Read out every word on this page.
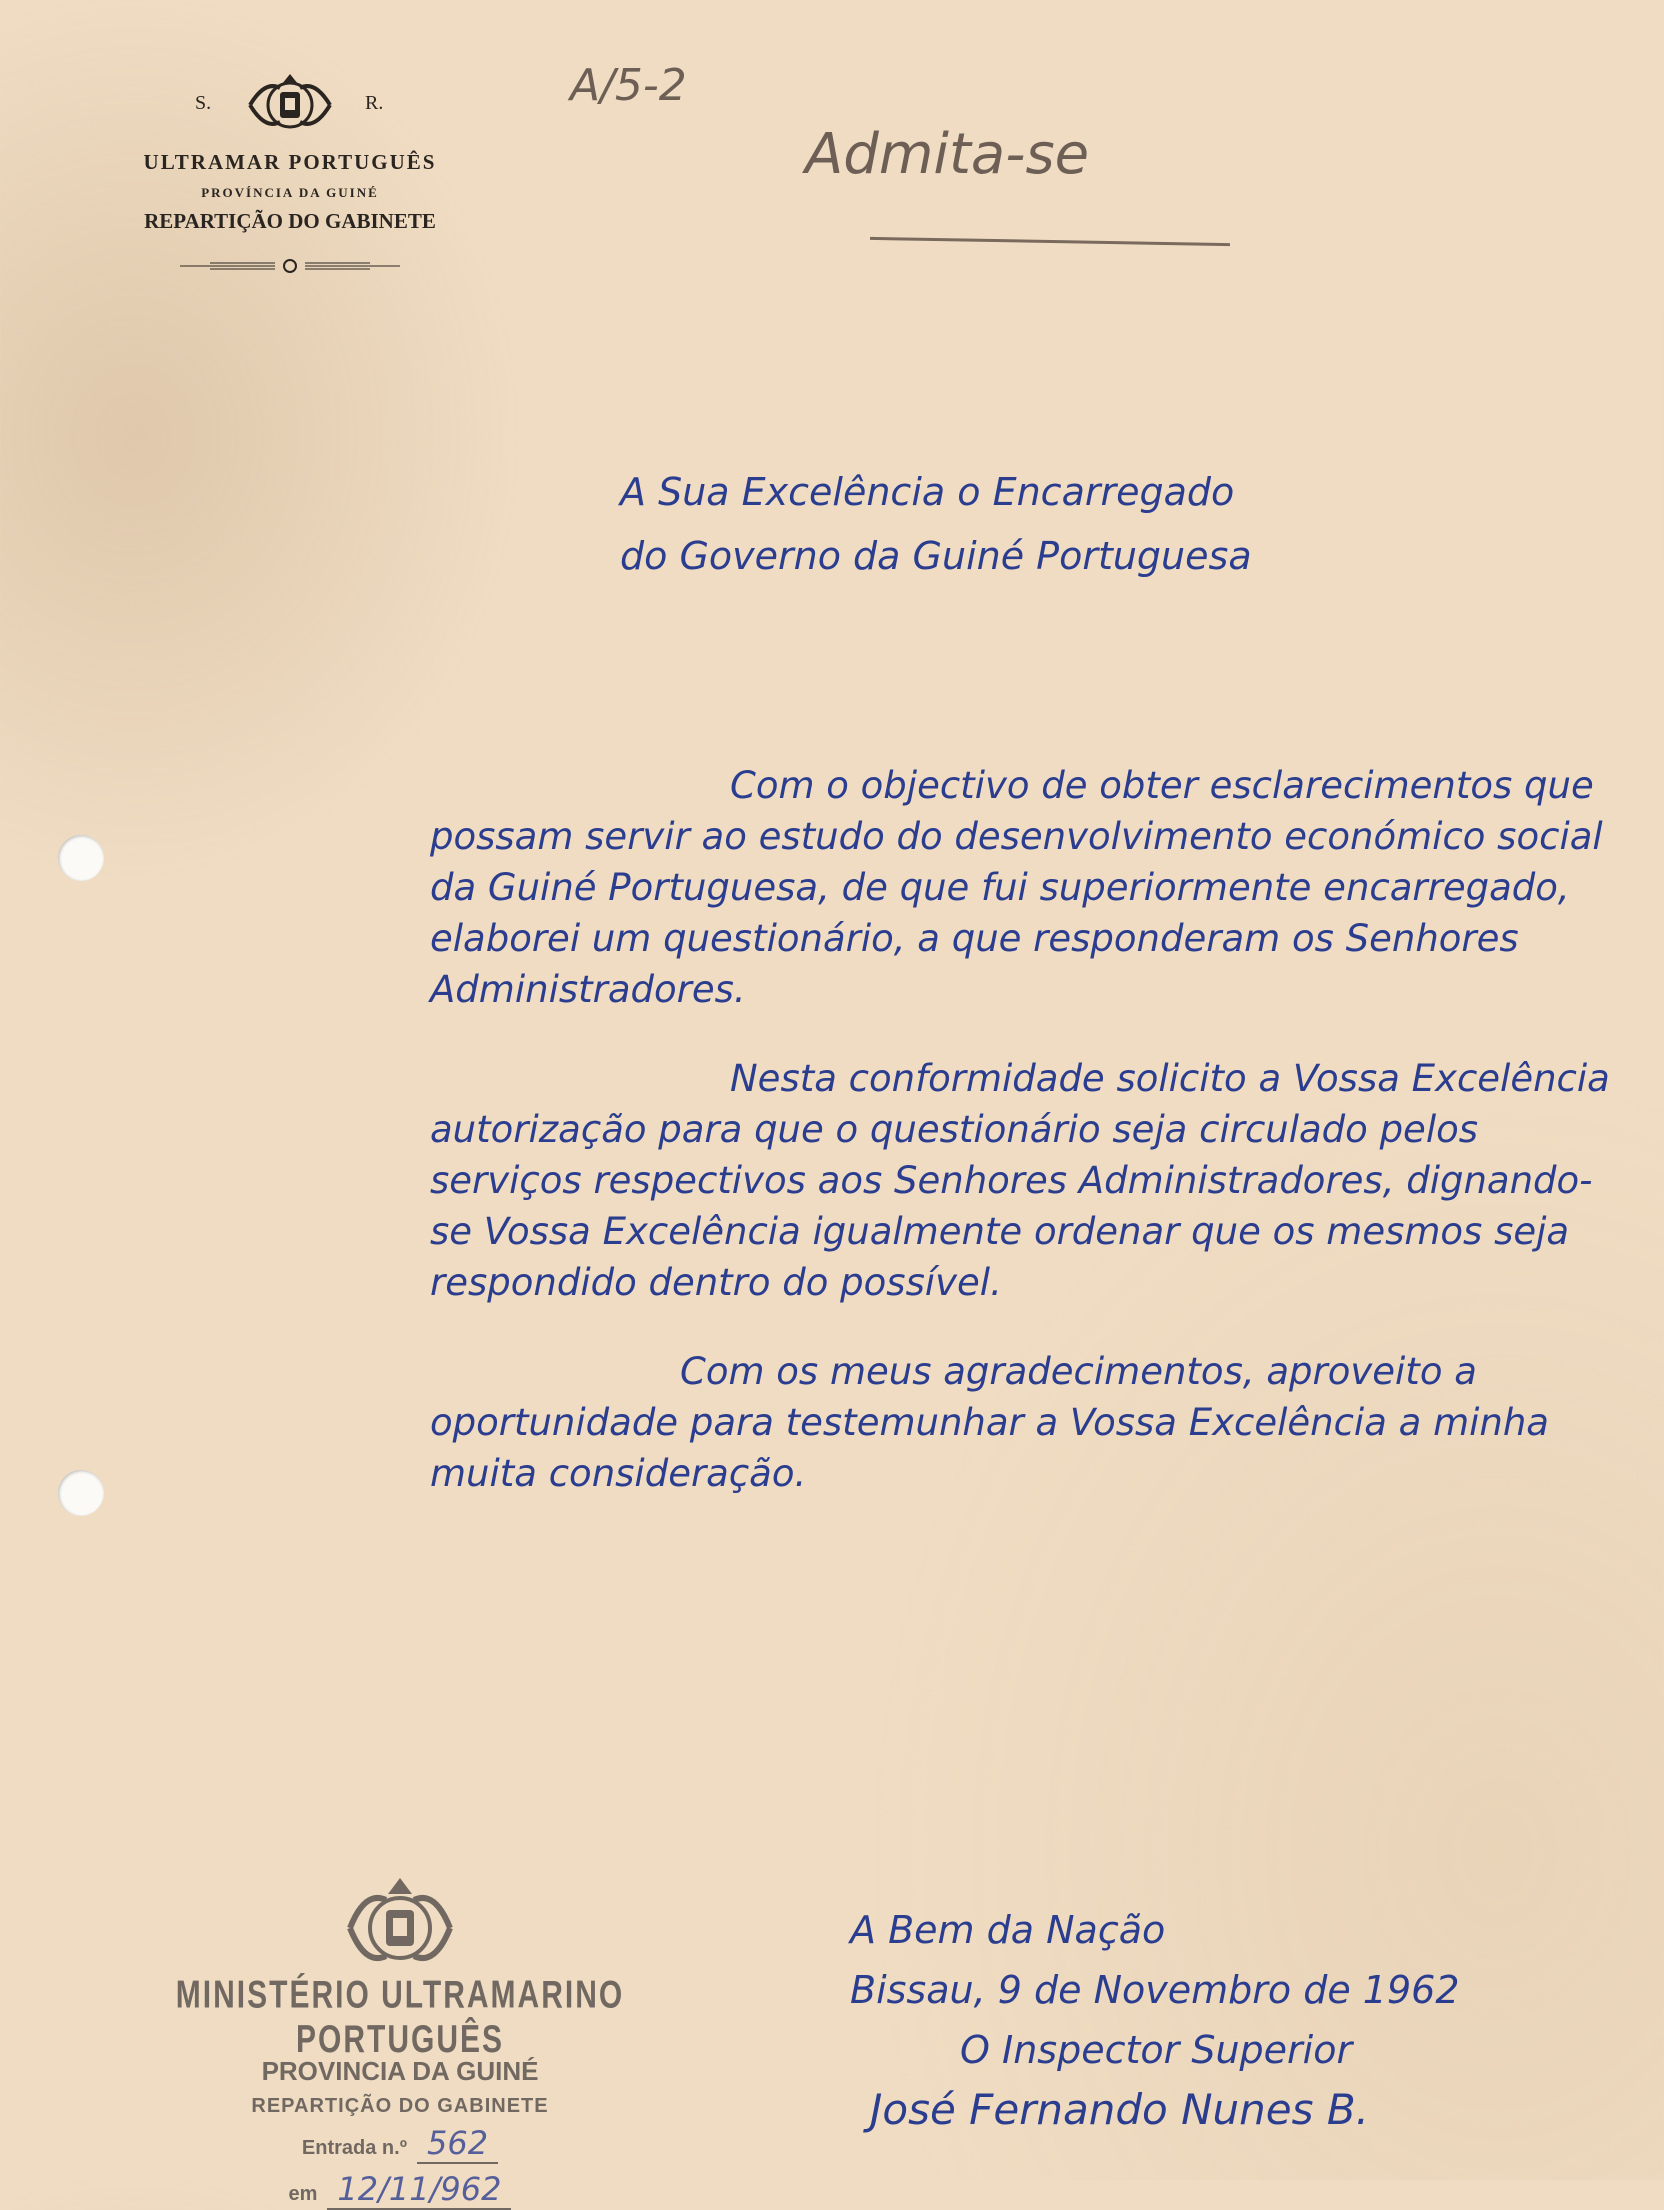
S.	R.
ULTRAMAR PORTUGUÊS
PROVÍNCIA DA GUINÉ
REPARTIÇÃO DO GABINETE
A/5-2
Admita-se
A Sua Excelência o Encarregado
do Governo da Guiné Portuguesa

Com o objectivo de obter esclarecimentos que possam servir ao estudo do desenvolvimento económico social da Guiné Portuguesa, de que fui superiormente encarregado, elaborei um questionário, a que responderam os Senhores Administradores.

Nesta conformidade solicito a Vossa Excelência autorização para que o questionário seja circulado pelos serviços respectivos aos Senhores Administradores, dignando-se Vossa Excelência igualmente ordenar que os mesmos seja respondido dentro do possível.

Com os meus agradecimentos, aproveito a oportunidade para testemunhar a Vossa Excelência a minha muita consideração.

A Bem da Nação
Bissau, 9 de Novembro de 1962
O Inspector Superior
José Fernando Nunes B.
MINISTÉRIO ULTRAMARINO PORTUGUÊS
PROVINCIA DA GUINÉ
REPARTIÇÃO DO GABINETE
Entrada n.º 562
em 12/11/962
